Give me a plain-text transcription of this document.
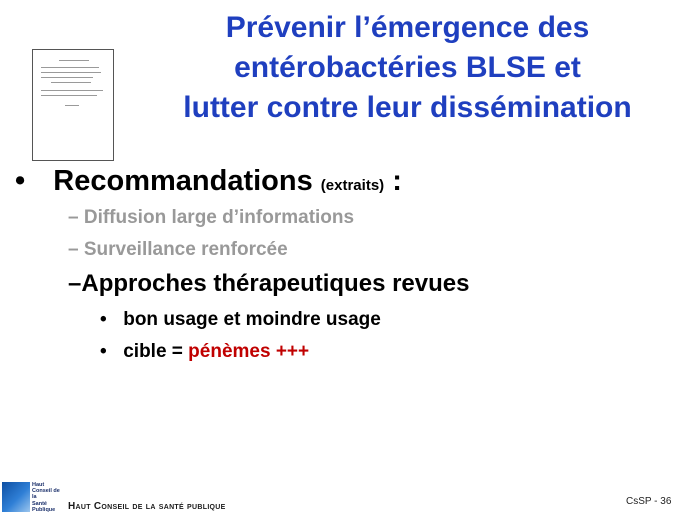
Prévenir l’émergence des
entérobactéries BLSE et
lutter contre leur dissémination
• Recommandations (extraits) :
– Diffusion large d’informations
– Surveillance renforcée
–Approches thérapeutiques revues
• bon usage et moindre usage
• cible = pénèmes +++
Haut
Conseil de la
Santé
Publique	Haut Conseil de la santé publique	CsSP - 36
